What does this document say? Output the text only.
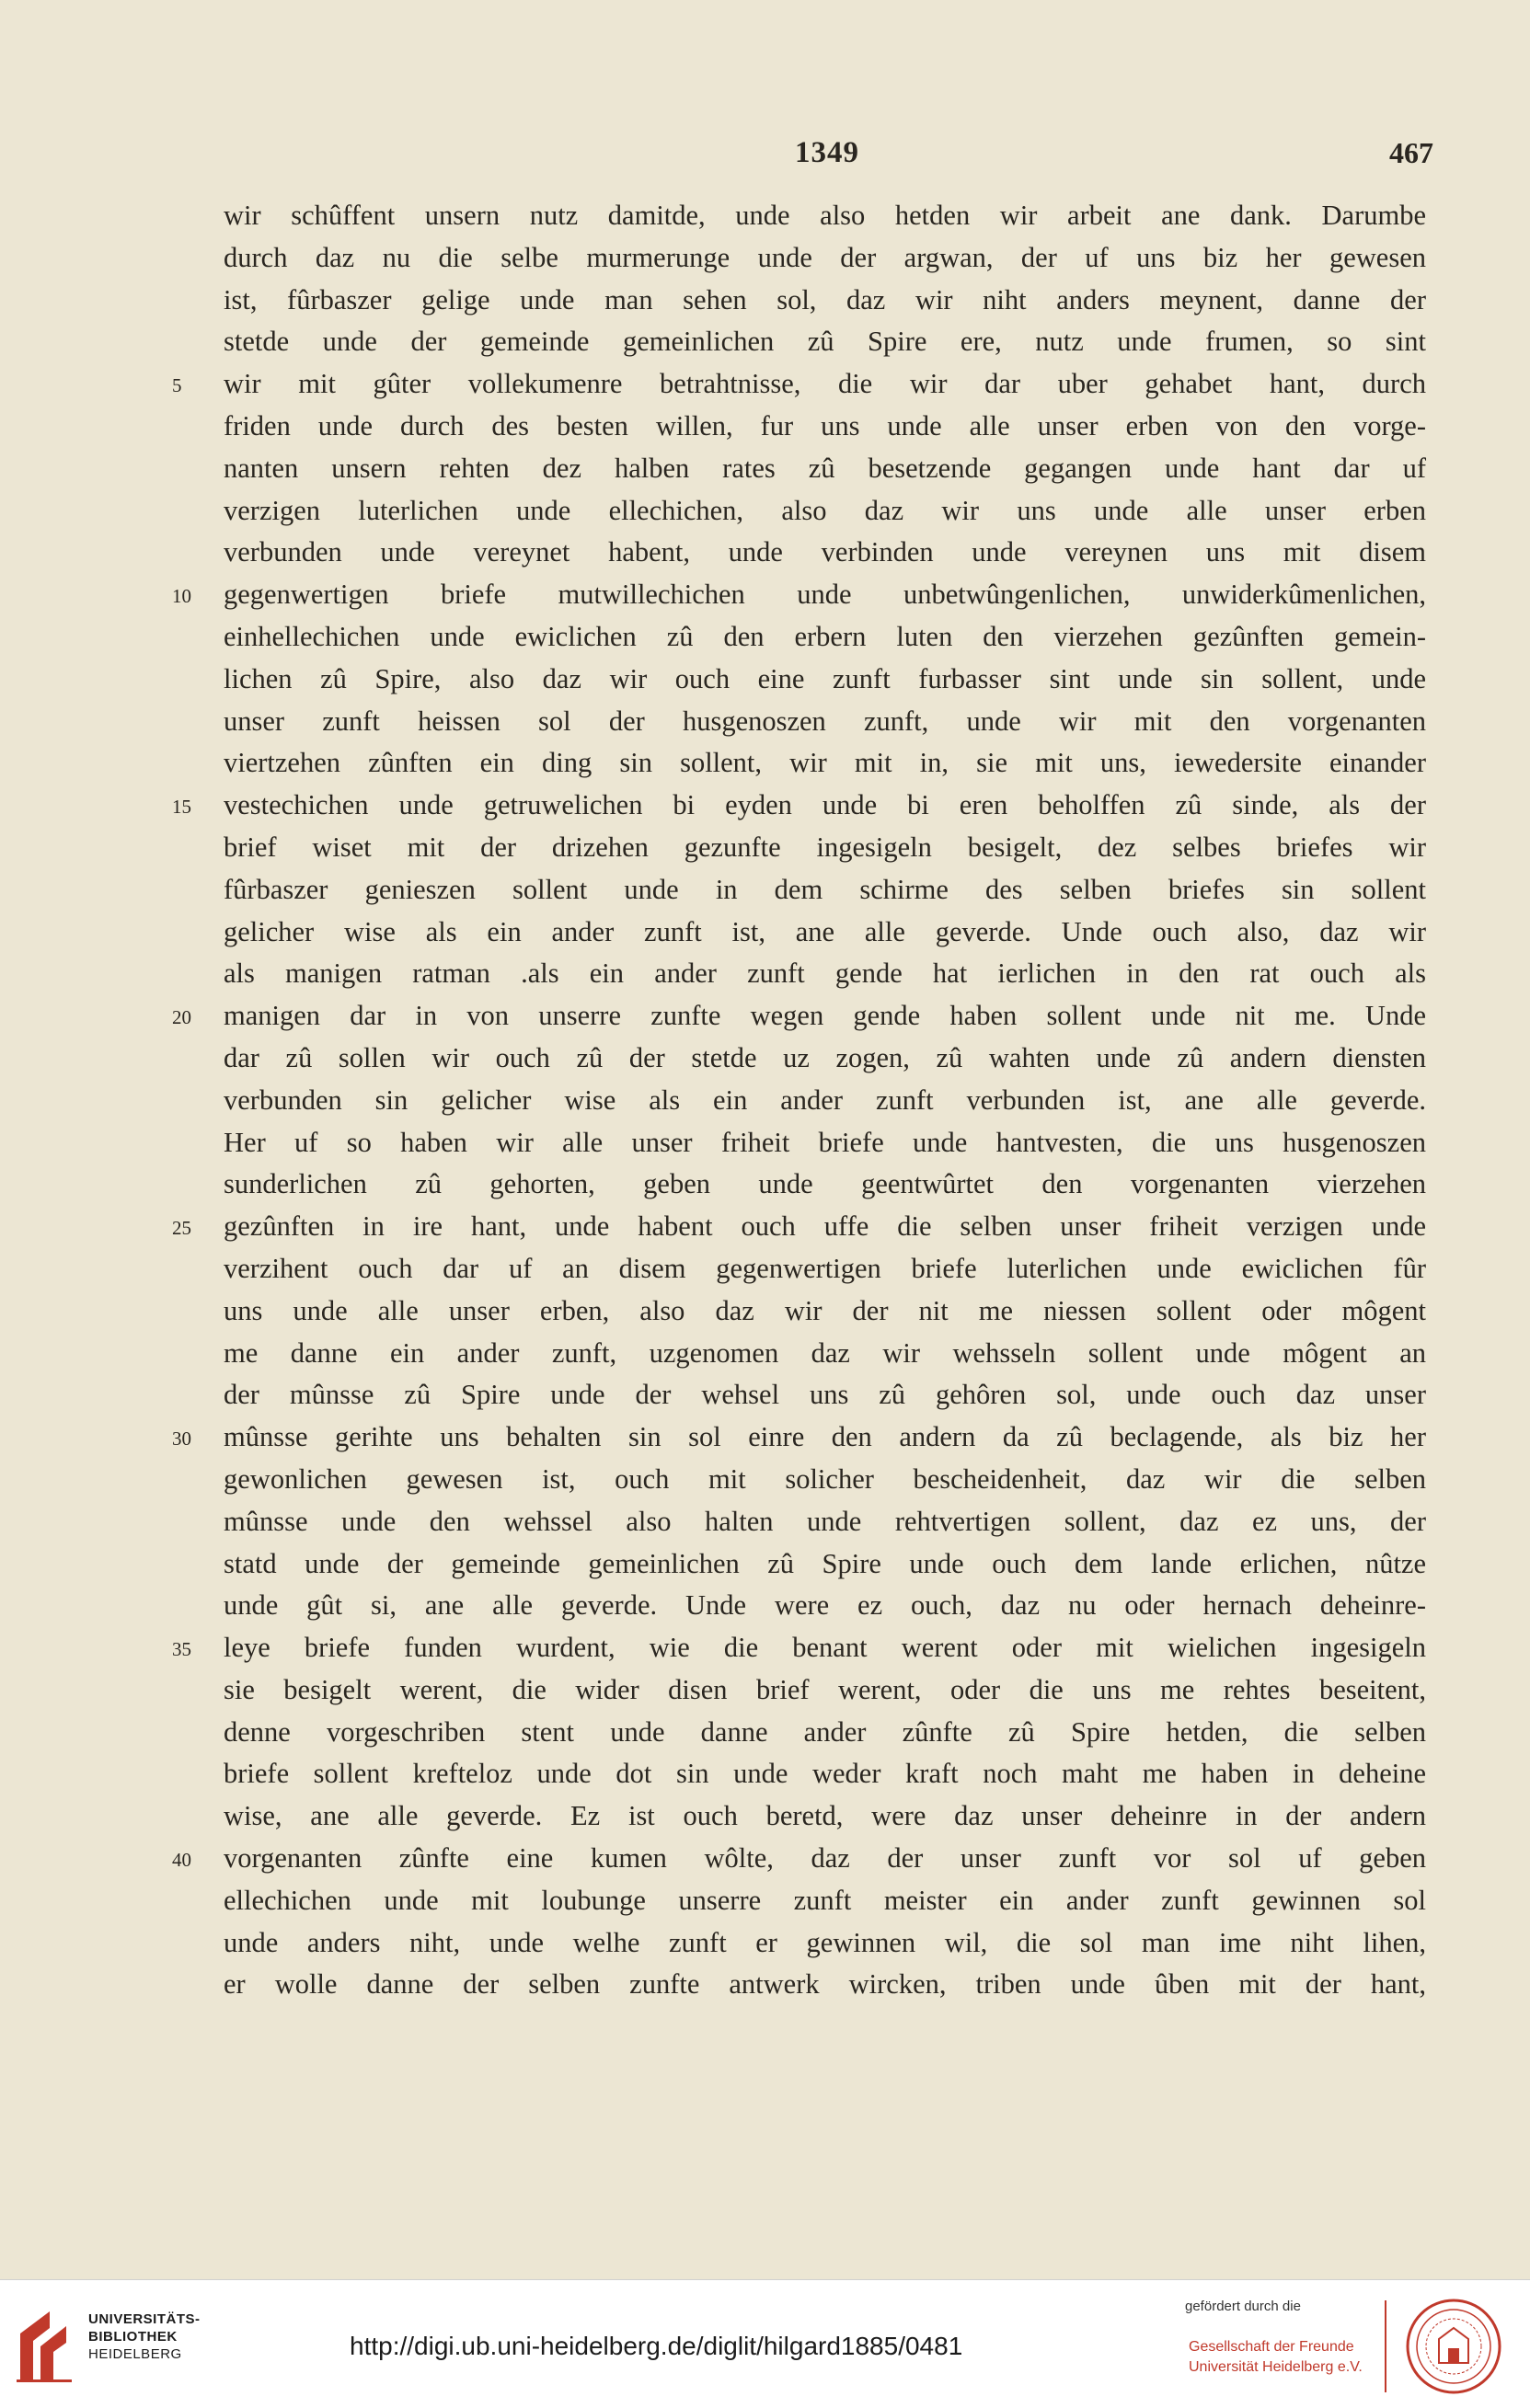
1349	467
wir schûffent unsern nutz damitde, unde also hetden wir arbeit ane dank. Darumbe
durch daz nu die selbe murmerunge unde der argwan, der uf uns biz her gewesen
ist, fûrbaszer gelige unde man sehen sol, daz wir niht anders meynent, danne der
stetde unde der gemeinde gemeinlichen zû Spire ere, nutz unde frumen, so sint
wir mit gûter vollekumenre betrahtnisse, die wir dar uber gehabet hant, durch
5
friden unde durch des besten willen, fur uns unde alle unser erben von den vorge-
nanten unsern rehten dez halben rates zû besetzende gegangen unde hant dar uf
verzigen luterlichen unde ellechichen, also daz wir uns unde alle unser erben
verbunden unde vereynet habent, unde verbinden unde vereynen uns mit disem
gegenwertigen briefe mutwillechichen unde unbetwûngenlichen, unwiderkûmenlichen,
10
einhellechichen unde ewiclichen zû den erbern luten den vierzehen gezûnften gemein-
lichen zû Spire, also daz wir ouch eine zunft furbasser sint unde sin sollent, unde
unser zunft heissen sol der husgenoszen zunft, unde wir mit den vorgenanten
viertzehen zûnften ein ding sin sollent, wir mit in, sie mit uns, iewedersite einander
vestechichen unde getruwelichen bi eyden unde bi eren beholffen zû sinde, als der
15
brief wiset mit der drizehen gezunfte ingesigeln besigelt, dez selbes briefes wir
fûrbaszer genieszen sollent unde in dem schirme des selben briefes sin sollent
gelicher wise als ein ander zunft ist, ane alle geverde. Unde ouch also, daz wir
als manigen ratman .als ein ander zunft gende hat ierlichen in den rat ouch als
manigen dar in von unserre zunfte wegen gende haben sollent unde nit me. Unde
20
dar zû sollen wir ouch zû der stetde uz zogen, zû wahten unde zû andern diensten
verbunden sin gelicher wise als ein ander zunft verbunden ist, ane alle geverde.
Her uf so haben wir alle unser friheit briefe unde hantvesten, die uns husgenoszen
sunderlichen zû gehorten, geben unde geentwûrtet den vorgenanten vierzehen
gezûnften in ire hant, unde habent ouch uffe die selben unser friheit verzigen unde
25
verzihent ouch dar uf an disem gegenwertigen briefe luterlichen unde ewiclichen fûr
uns unde alle unser erben, also daz wir der nit me niessen sollent oder môgent
me danne ein ander zunft, uzgenomen daz wir wehsseln sollent unde môgent an
der mûnsse zû Spire unde der wehsel uns zû gehôren sol, unde ouch daz unser
mûnsse gerihte uns behalten sin sol einre den andern da zû beclagende, als biz her
30
gewonlichen gewesen ist, ouch mit solicher bescheidenheit, daz wir die selben
mûnsse unde den wehssel also halten unde rehtvertigen sollent, daz ez uns, der
statd unde der gemeinde gemeinlichen zû Spire unde ouch dem lande erlichen, nûtze
unde gût si, ane alle geverde. Unde were ez ouch, daz nu oder hernach deheinre-
leye briefe funden wurdent, wie die benant werent oder mit wielichen ingesigeln
35
sie besigelt werent, die wider disen brief werent, oder die uns me rehtes beseitent,
denne vorgeschriben stent unde danne ander zûnfte zû Spire hetden, die selben
briefe sollent krefteloz unde dot sin unde weder kraft noch maht me haben in deheine
wise, ane alle geverde. Ez ist ouch beretd, were daz unser deheinre in der andern
vorgenanten zûnfte eine kumen wôlte, daz der unser zunft vor sol uf geben
40
ellechichen unde mit loubunge unserre zunft meister ein ander zunft gewinnen sol
unde anders niht, unde welhe zunft er gewinnen wil, die sol man ime niht lihen,
er wolle danne der selben zunfte antwerk wircken, triben unde ûben mit der hant,
UNIVERSITÄTS-
BIBLIOTHEK
HEIDELBERG	http://digi.ub.uni-heidelberg.de/diglit/hilgard1885/0481
gefördert durch die
Gesellschaft der Freunde
Universität Heidelberg e.V.
